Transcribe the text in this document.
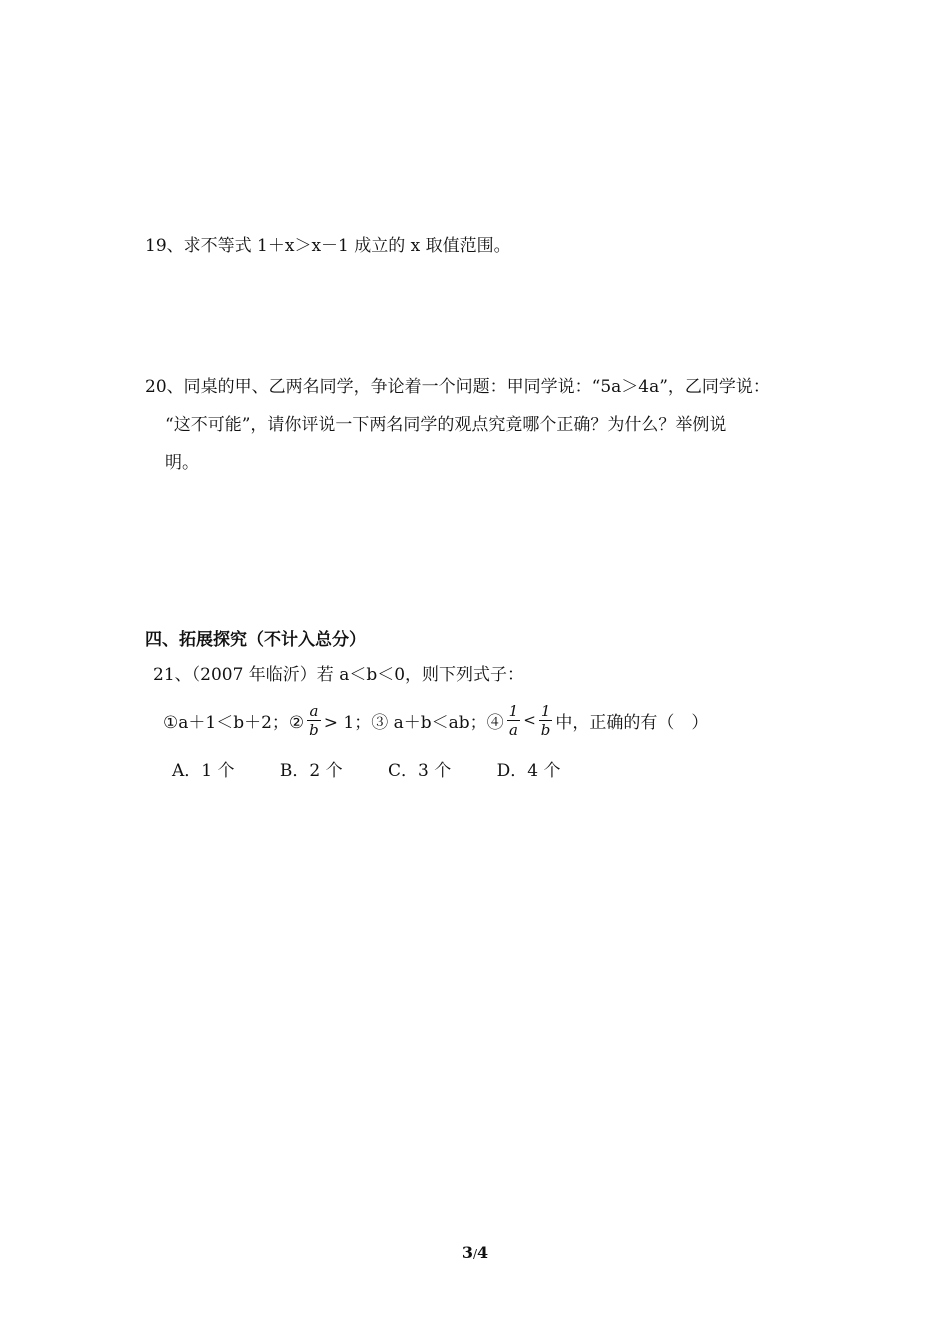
19、求不等式 1＋x＞x－1 成立的 x 取值范围。
20、同桌的甲、乙两名同学，争论着一个问题：甲同学说：“5a＞4a”，乙同学说：
“这不可能”，请你评说一下两名同学的观点究竟哪个正确？为什么？举例说
明。
四、拓展探究（不计入总分）
21、（2007 年临沂）若 a＜b＜0，则下列式子：
①a＋1＜b＋2；② $\frac{a}{b} > 1$；③ a＋b＜ab；④ $\frac{1}{a} < \frac{1}{b}$ 中，正确的有（　）
A．1 个	B．2 个	C．3 个	D．4 个
3/4
